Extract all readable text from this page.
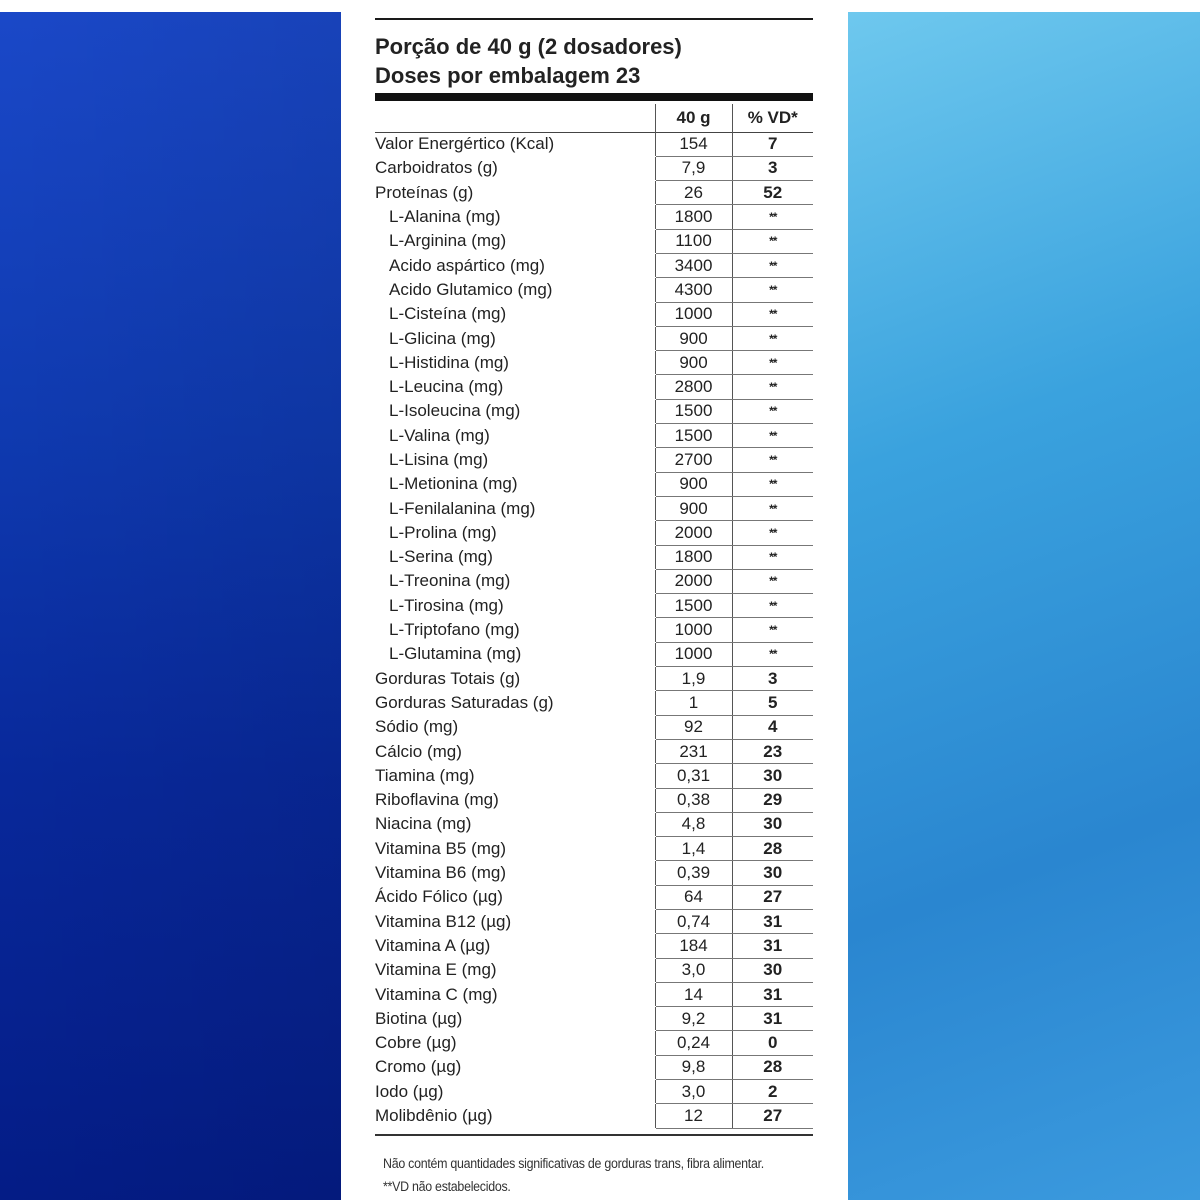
Porção de 40 g (2 dosadores)
Doses por embalagem 23
	40 g	% VD*
Valor Energértico (Kcal)	154	7
Carboidratos (g)	7,9	3
Proteínas (g)	26	52
L-Alanina (mg)	1800	**
L-Arginina (mg)	1100	**
Acido aspártico (mg)	3400	**
Acido Glutamico (mg)	4300	**
L-Cisteína (mg)	1000	**
L-Glicina (mg)	900	**
L-Histidina (mg)	900	**
L-Leucina (mg)	2800	**
L-Isoleucina (mg)	1500	**
L-Valina (mg)	1500	**
L-Lisina (mg)	2700	**
L-Metionina (mg)	900	**
L-Fenilalanina (mg)	900	**
L-Prolina (mg)	2000	**
L-Serina (mg)	1800	**
L-Treonina (mg)	2000	**
L-Tirosina (mg)	1500	**
L-Triptofano (mg)	1000	**
L-Glutamina (mg)	1000	**
Gorduras Totais (g)	1,9	3
Gorduras Saturadas (g)	1	5
Sódio (mg)	92	4
Cálcio (mg)	231	23
Tiamina (mg)	0,31	30
Riboflavina (mg)	0,38	29
Niacina (mg)	4,8	30
Vitamina B5 (mg)	1,4	28
Vitamina B6 (mg)	0,39	30
Ácido Fólico (µg)	64	27
Vitamina B12 (µg)	0,74	31
Vitamina A (µg)	184	31
Vitamina E (mg)	3,0	30
Vitamina C (mg)	14	31
Biotina (µg)	9,2	31
Cobre (µg)	0,24	0
Cromo (µg)	9,8	28
Iodo (µg)	3,0	2
Molibdênio (µg)	12	27
Não contém quantidades significativas de gorduras trans, fibra alimentar.
**VD não estabelecidos.
